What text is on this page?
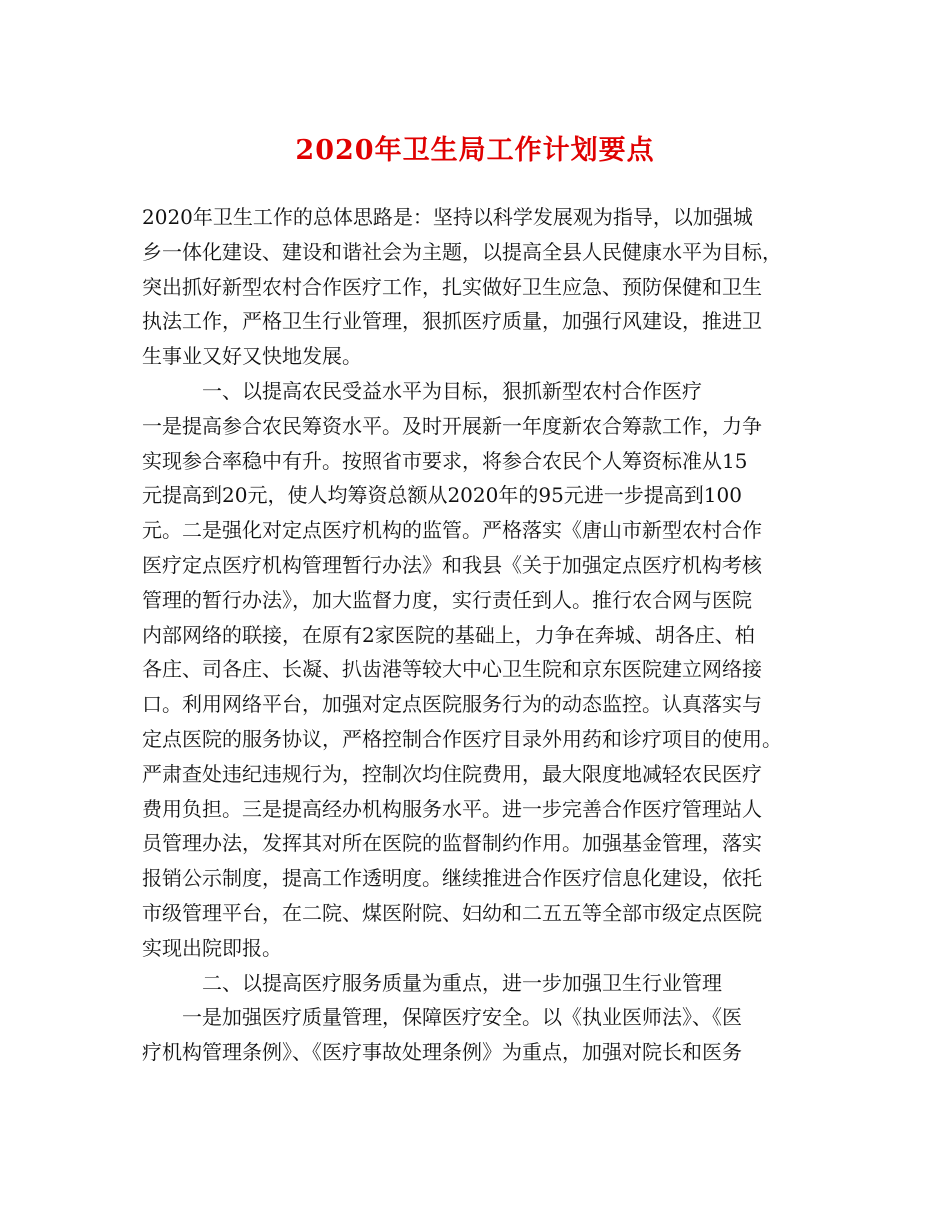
2020年卫生局工作计划要点
2020年卫生工作的总体思路是：坚持以科学发展观为指导，以加强城
乡一体化建设、建设和谐社会为主题，以提高全县人民健康水平为目标，
突出抓好新型农村合作医疗工作，扎实做好卫生应急、预防保健和卫生
执法工作，严格卫生行业管理，狠抓医疗质量，加强行风建设，推进卫
生事业又好又快地发展。
　　　一、以提高农民受益水平为目标，狠抓新型农村合作医疗
一是提高参合农民筹资水平。及时开展新一年度新农合筹款工作，力争
实现参合率稳中有升。按照省市要求，将参合农民个人筹资标准从15
元提高到20元，使人均筹资总额从2020年的95元进一步提高到100
元。二是强化对定点医疗机构的监管。严格落实《唐山市新型农村合作
医疗定点医疗机构管理暂行办法》和我县《关于加强定点医疗机构考核
管理的暂行办法》，加大监督力度，实行责任到人。推行农合网与医院
内部网络的联接，在原有2家医院的基础上，力争在奔城、胡各庄、柏
各庄、司各庄、长凝、扒齿港等较大中心卫生院和京东医院建立网络接
口。利用网络平台，加强对定点医院服务行为的动态监控。认真落实与
定点医院的服务协议，严格控制合作医疗目录外用药和诊疗项目的使用。
严肃查处违纪违规行为，控制次均住院费用，最大限度地减轻农民医疗
费用负担。三是提高经办机构服务水平。进一步完善合作医疗管理站人
员管理办法，发挥其对所在医院的监督制约作用。加强基金管理，落实
报销公示制度，提高工作透明度。继续推进合作医疗信息化建设，依托
市级管理平台，在二院、煤医附院、妇幼和二五五等全部市级定点医院
实现出院即报。
　　　二、以提高医疗服务质量为重点，进一步加强卫生行业管理
　　一是加强医疗质量管理，保障医疗安全。以《执业医师法》、《医
疗机构管理条例》、《医疗事故处理条例》为重点，加强对院长和医务
